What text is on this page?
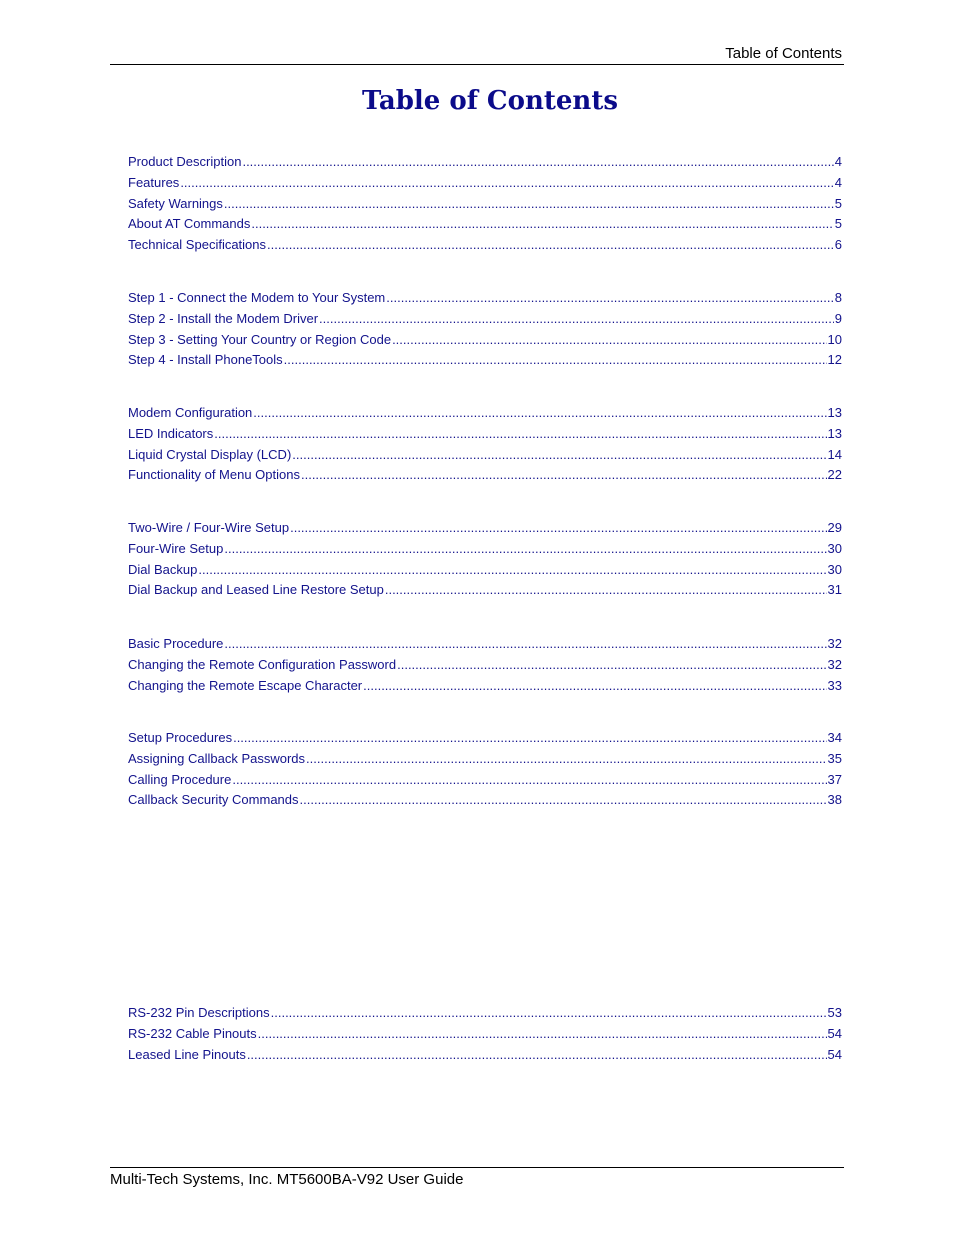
Table of Contents
Table of Contents
Product Description .....	4
Features .....	4
Safety Warnings .....	5
About AT Commands .....	5
Technical Specifications .....	6
Step 1 - Connect the Modem to Your System .....	8
Step 2 - Install the Modem Driver .....	9
Step 3 - Setting Your Country or Region Code .....	10
Step 4 - Install PhoneTools .....	12
Modem Configuration .....	13
LED Indicators .....	13
Liquid Crystal Display (LCD) .....	14
Functionality of Menu Options .....	22
Two-Wire / Four-Wire Setup .....	29
Four-Wire Setup .....	30
Dial Backup .....	30
Dial Backup and Leased Line Restore Setup .....	31
Basic Procedure .....	32
Changing the Remote Configuration Password .....	32
Changing the Remote Escape Character .....	33
Setup Procedures .....	34
Assigning Callback Passwords .....	35
Calling Procedure .....	37
Callback Security Commands .....	38
RS-232 Pin Descriptions .....	53
RS-232 Cable Pinouts .....	54
Leased Line Pinouts .....	54
Multi-Tech Systems, Inc. MT5600BA-V92 User Guide
